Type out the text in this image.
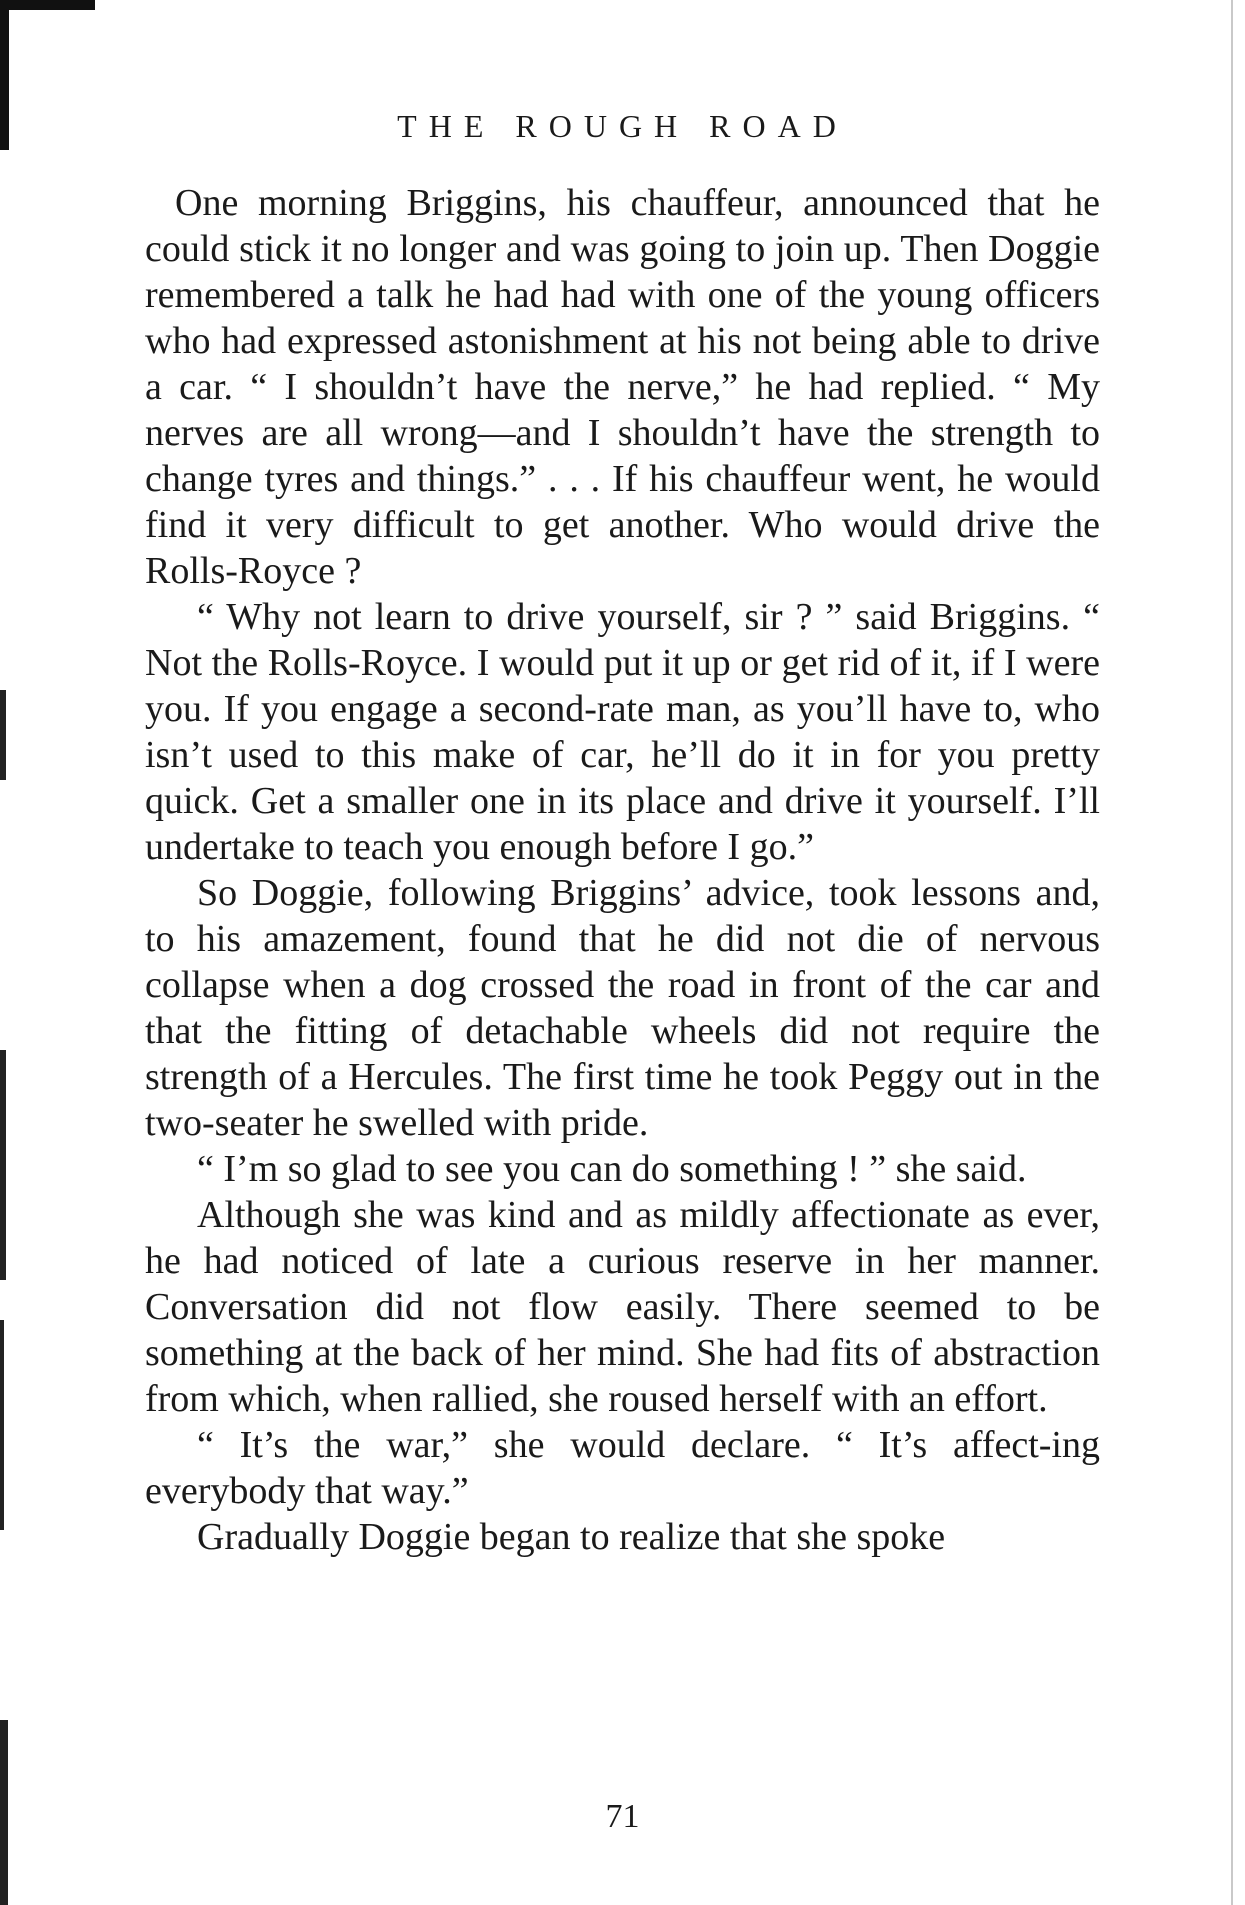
THE ROUGH ROAD

One morning Briggins, his chauffeur, announced that he could stick it no longer and was going to join up. Then Doggie remembered a talk he had had with one of the young officers who had expressed astonishment at his not being able to drive a car. “ I shouldn’t have the nerve,” he had replied. “ My nerves are all wrong—and I shouldn’t have the strength to change tyres and things.” . . . If his chauffeur went, he would find it very difficult to get another. Who would drive the Rolls-Royce ?

“ Why not learn to drive yourself, sir ? ” said Briggins. “ Not the Rolls-Royce. I would put it up or get rid of it, if I were you. If you engage a second-rate man, as you’ll have to, who isn’t used to this make of car, he’ll do it in for you pretty quick. Get a smaller one in its place and drive it yourself. I’ll undertake to teach you enough before I go.”

So Doggie, following Briggins’ advice, took lessons and, to his amazement, found that he did not die of nervous collapse when a dog crossed the road in front of the car and that the fitting of detachable wheels did not require the strength of a Hercules. The first time he took Peggy out in the two-seater he swelled with pride.

“ I’m so glad to see you can do something ! ” she said.

Although she was kind and as mildly affectionate as ever, he had noticed of late a curious reserve in her manner. Conversation did not flow easily. There seemed to be something at the back of her mind. She had fits of abstraction from which, when rallied, she roused herself with an effort.

“ It’s the war,” she would declare. “ It’s affect-ing everybody that way.”

Gradually Doggie began to realize that she spoke

71
